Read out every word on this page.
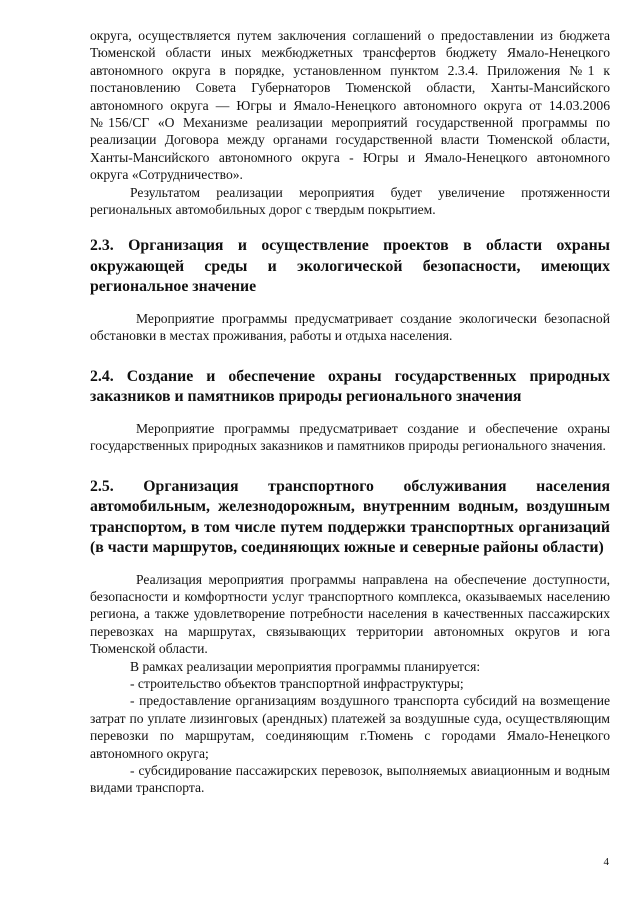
округа, осуществляется путем заключения соглашений о предоставлении из бюджета Тюменской области иных межбюджетных трансфертов бюджету Ямало-Ненецкого автономного округа в порядке, установленном пунктом 2.3.4. Приложения №1 к постановлению Совета Губернаторов Тюменской области, Ханты-Мансийского автономного округа — Югры и Ямало-Ненецкого автономного округа от 14.03.2006 №156/СГ «О Механизме реализации мероприятий государственной программы по реализации Договора между органами государственной власти Тюменской области, Ханты-Мансийского автономного округа - Югры и Ямало-Ненецкого автономного округа «Сотрудничество».

Результатом реализации мероприятия будет увеличение протяженности региональных автомобильных дорог с твердым покрытием.

2.3. Организация и осуществление проектов в области охраны окружающей среды и экологической безопасности, имеющих региональное значение

Мероприятие программы предусматривает создание экологически безопасной обстановки в местах проживания, работы и отдыха населения.

2.4. Создание и обеспечение охраны государственных природных заказников и памятников природы регионального значения

Мероприятие программы предусматривает создание и обеспечение охраны государственных природных заказников и памятников природы регионального значения.

2.5. Организация транспортного обслуживания населения автомобильным, железнодорожным, внутренним водным, воздушным транспортом, в том числе путем поддержки транспортных организаций (в части маршрутов, соединяющих южные и северные районы области)

Реализация мероприятия программы направлена на обеспечение доступности, безопасности и комфортности услуг транспортного комплекса, оказываемых населению региона, а также удовлетворение потребности населения в качественных пассажирских перевозках на маршрутах, связывающих территории автономных округов и юга Тюменской области.

В рамках реализации мероприятия программы планируется:

- строительство объектов транспортной инфраструктуры;

- предоставление организациям воздушного транспорта субсидий на возмещение затрат по уплате лизинговых (арендных) платежей за воздушные суда, осуществляющим перевозки по маршрутам, соединяющим г.Тюмень с городами Ямало-Ненецкого автономного округа;

- субсидирование пассажирских перевозок, выполняемых авиационным и водным видами транспорта.

4
